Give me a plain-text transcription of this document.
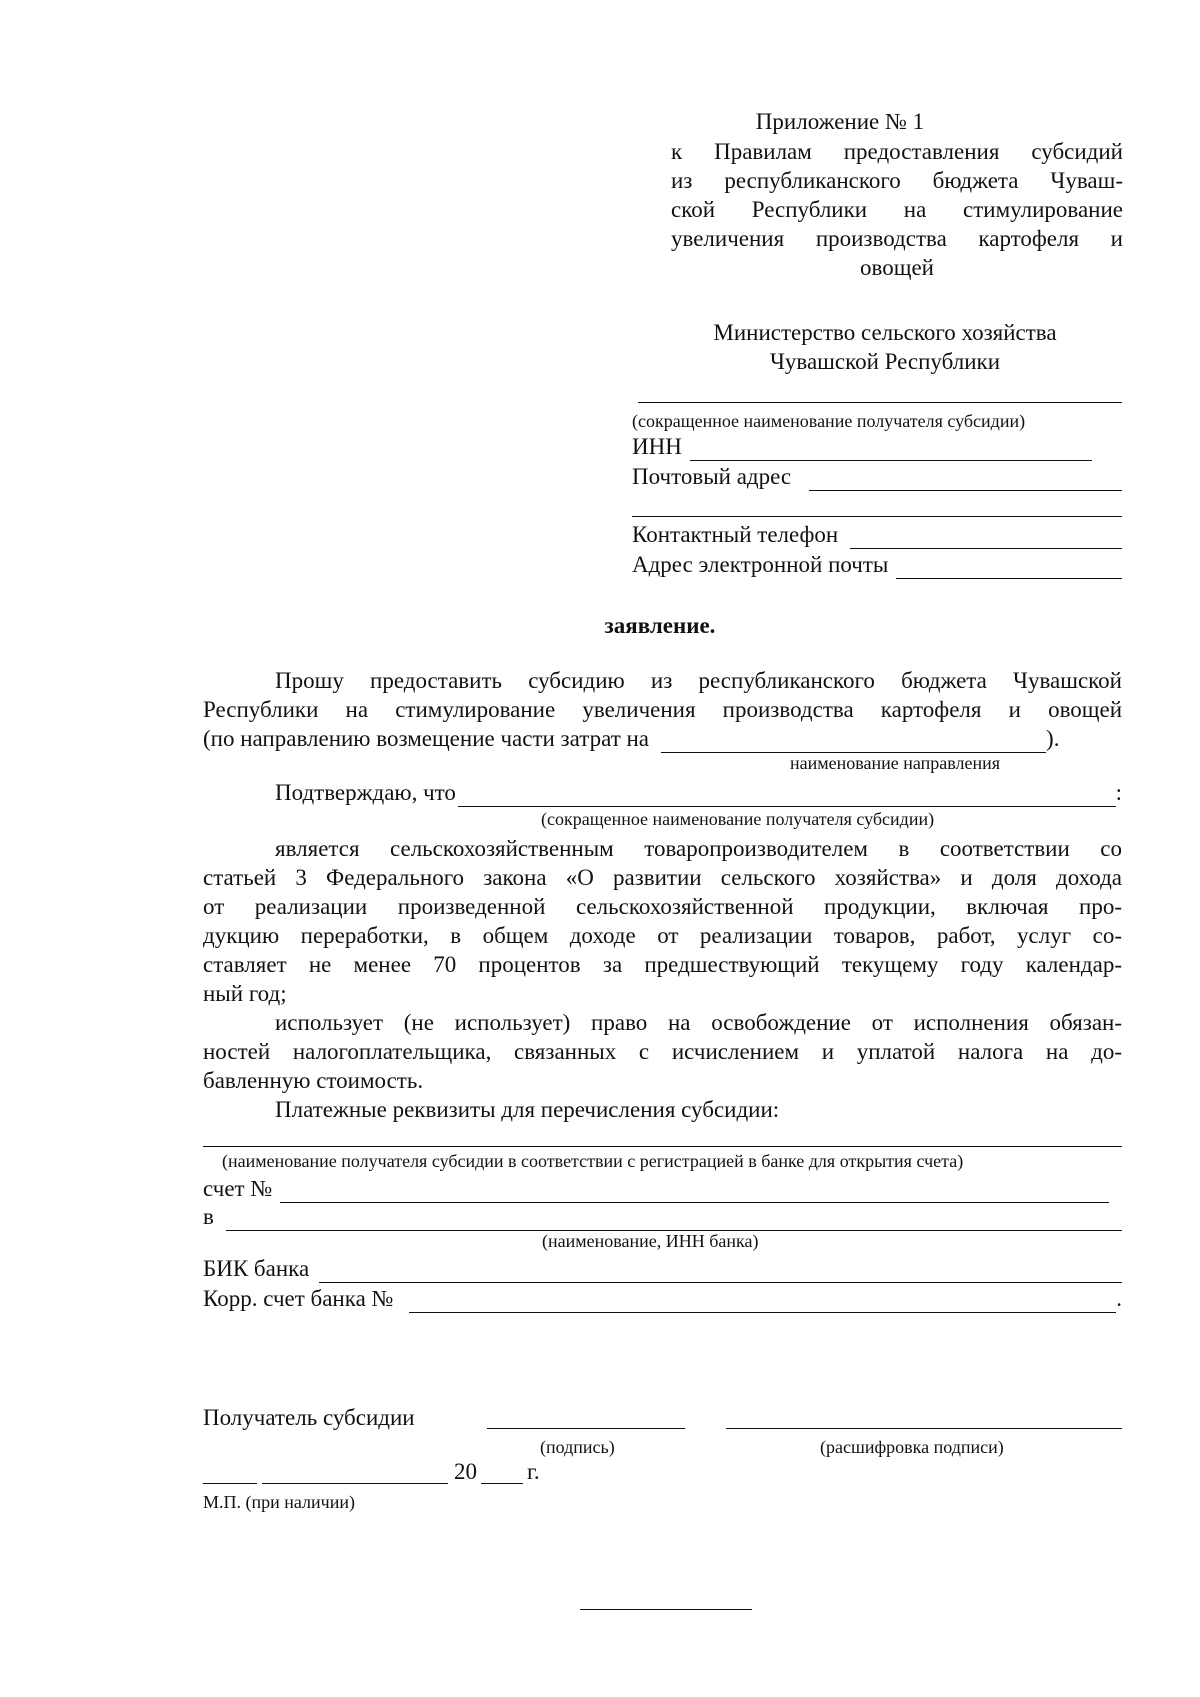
Приложение № 1
к Правилам предоставления субсидий
из республиканского бюджета Чуваш-
ской Республики на стимулирование
увеличения производства картофеля и
овощей
Министерство сельского хозяйства
Чувашской Республики
(сокращенное наименование получателя субсидии)
ИНН
Почтовый адрес
Контактный телефон
Адрес электронной почты
заявление.
Прошу предоставить субсидию из республиканского бюджета Чувашской
Республики на стимулирование увеличения производства картофеля и овощей
(по направлению возмещение части затрат на	).
наименование направления
Подтверждаю, что	:
(сокращенное наименование получателя субсидии)
является сельскохозяйственным товаропроизводителем в соответствии со
статьей 3 Федерального закона «О развитии сельского хозяйства» и доля дохода
от реализации произведенной сельскохозяйственной продукции, включая про-
дукцию переработки, в общем доходе от реализации товаров, работ, услуг со-
ставляет не менее 70 процентов за предшествующий текущему году календар-
ный год;
использует (не использует) право на освобождение от исполнения обязан-
ностей налогоплательщика, связанных с исчислением и уплатой налога на до-
бавленную стоимость.
Платежные реквизиты для перечисления субсидии:
(наименование получателя субсидии в соответствии с регистрацией в банке для открытия счета)
счет №
в
(наименование, ИНН банка)
БИК банка
Корр. счет банка №	.
Получатель субсидии
(подпись)	(расшифровка подписи)
20 г.
М.П. (при наличии)
